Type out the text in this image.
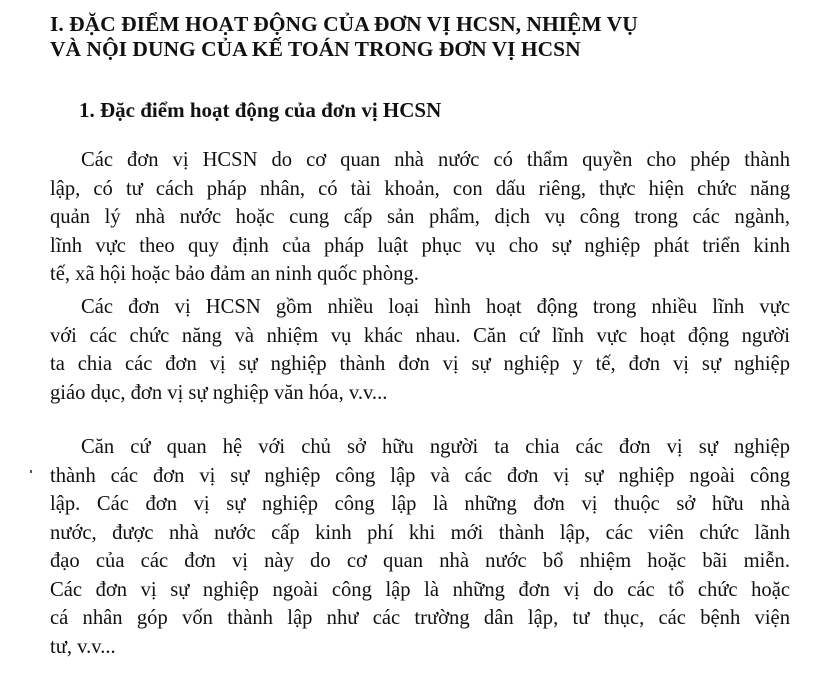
I. ĐẶC ĐIỂM HOẠT ĐỘNG CỦA ĐƠN VỊ HCSN, NHIỆM VỤ
VÀ NỘI DUNG CỦA KẾ TOÁN TRONG ĐƠN VỊ HCSN
1. Đặc điểm hoạt động của đơn vị HCSN

Các đơn vị HCSN do cơ quan nhà nước có thẩm quyền cho phép thành
lập, có tư cách pháp nhân, có tài khoản, con dấu riêng, thực hiện chức năng
quản lý nhà nước hoặc cung cấp sản phẩm, dịch vụ công trong các ngành,
lĩnh vực theo quy định của pháp luật phục vụ cho sự nghiệp phát triển kinh
tế, xã hội hoặc bảo đảm an ninh quốc phòng.

Các đơn vị HCSN gồm nhiều loại hình hoạt động trong nhiều lĩnh vực
với các chức năng và nhiệm vụ khác nhau. Căn cứ lĩnh vực hoạt động người
ta chia các đơn vị sự nghiệp thành đơn vị sự nghiệp y tế, đơn vị sự nghiệp
giáo dục, đơn vị sự nghiệp văn hóa, v.v...

Căn cứ quan hệ với chủ sở hữu người ta chia các đơn vị sự nghiệp
thành các đơn vị sự nghiệp công lập và các đơn vị sự nghiệp ngoài công
lập. Các đơn vị sự nghiệp công lập là những đơn vị thuộc sở hữu nhà
nước, được nhà nước cấp kinh phí khi mới thành lập, các viên chức lãnh
đạo của các đơn vị này do cơ quan nhà nước bổ nhiệm hoặc bãi miễn.
Các đơn vị sự nghiệp ngoài công lập là những đơn vị do các tổ chức hoặc
cá nhân góp vốn thành lập như các trường dân lập, tư thục, các bệnh viện
tư, v.v...
